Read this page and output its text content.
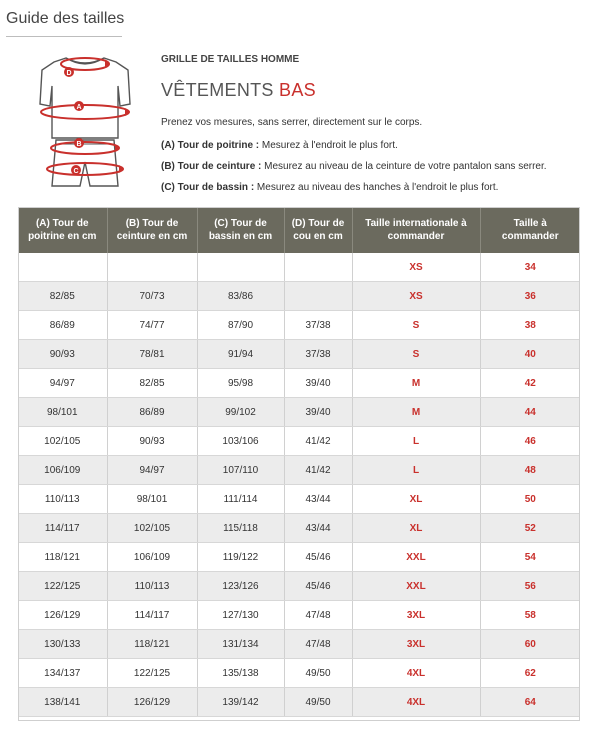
Guide des tailles
D
A
B
C
GRILLE DE TAILLES HOMME
VÊTEMENTS BAS
Prenez vos mesures, sans serrer, directement sur le corps.
(A) Tour de poitrine : Mesurez à l'endroit le plus fort.
(B) Tour de ceinture : Mesurez au niveau de la ceinture de votre pantalon sans serrer.
(C) Tour de bassin : Mesurez au niveau des hanches à l'endroit le plus fort.
(A) Tour de
poitrine en cm	(B) Tour de
ceinture en cm	(C) Tour de
bassin en cm	(D) Tour de
cou en cm	Taille internationale à
commander	Taille à
commander
				XS	34
82/85	70/73	83/86		XS	36
86/89	74/77	87/90	37/38	S	38
90/93	78/81	91/94	37/38	S	40
94/97	82/85	95/98	39/40	M	42
98/101	86/89	99/102	39/40	M	44
102/105	90/93	103/106	41/42	L	46
106/109	94/97	107/110	41/42	L	48
110/113	98/101	111/114	43/44	XL	50
114/117	102/105	115/118	43/44	XL	52
118/121	106/109	119/122	45/46	XXL	54
122/125	110/113	123/126	45/46	XXL	56
126/129	114/117	127/130	47/48	3XL	58
130/133	118/121	131/134	47/48	3XL	60
134/137	122/125	135/138	49/50	4XL	62
138/141	126/129	139/142	49/50	4XL	64
